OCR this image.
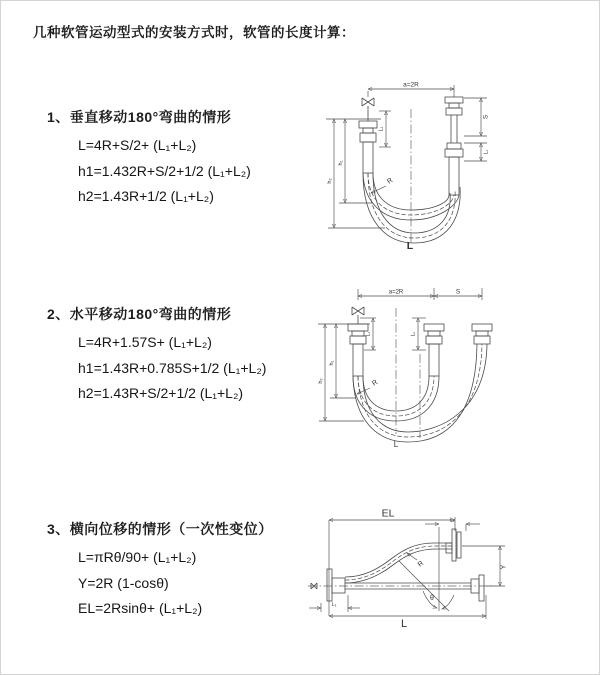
几种软管运动型式的安装方式时，软管的长度计算：
1、垂直移动180°弯曲的情形
L=4R+S/2+ (L₁+L₂)
h1=1.432R+S/2+1/2 (L₁+L₂)
h2=1.43R+1/2 (L₁+L₂)
2、水平移动180°弯曲的情形
L=4R+1.57S+ (L₁+L₂)
h1=1.43R+0.785S+1/2 (L₁+L₂)
h2=1.43R+S/2+1/2 (L₁+L₂)
3、横向位移的情形（一次性变位）
L=πRθ/90+ (L₁+L₂)
Y=2R (1-cosθ)
EL=2Rsinθ+ (L₁+L₂)
a=2R
L₁
S
L₁
h₁
h₂	R
L
a=2R	S
L₁	L₁
h₁
h₂	R
L
EL
L₁
L₁
L
Y
θ
R
